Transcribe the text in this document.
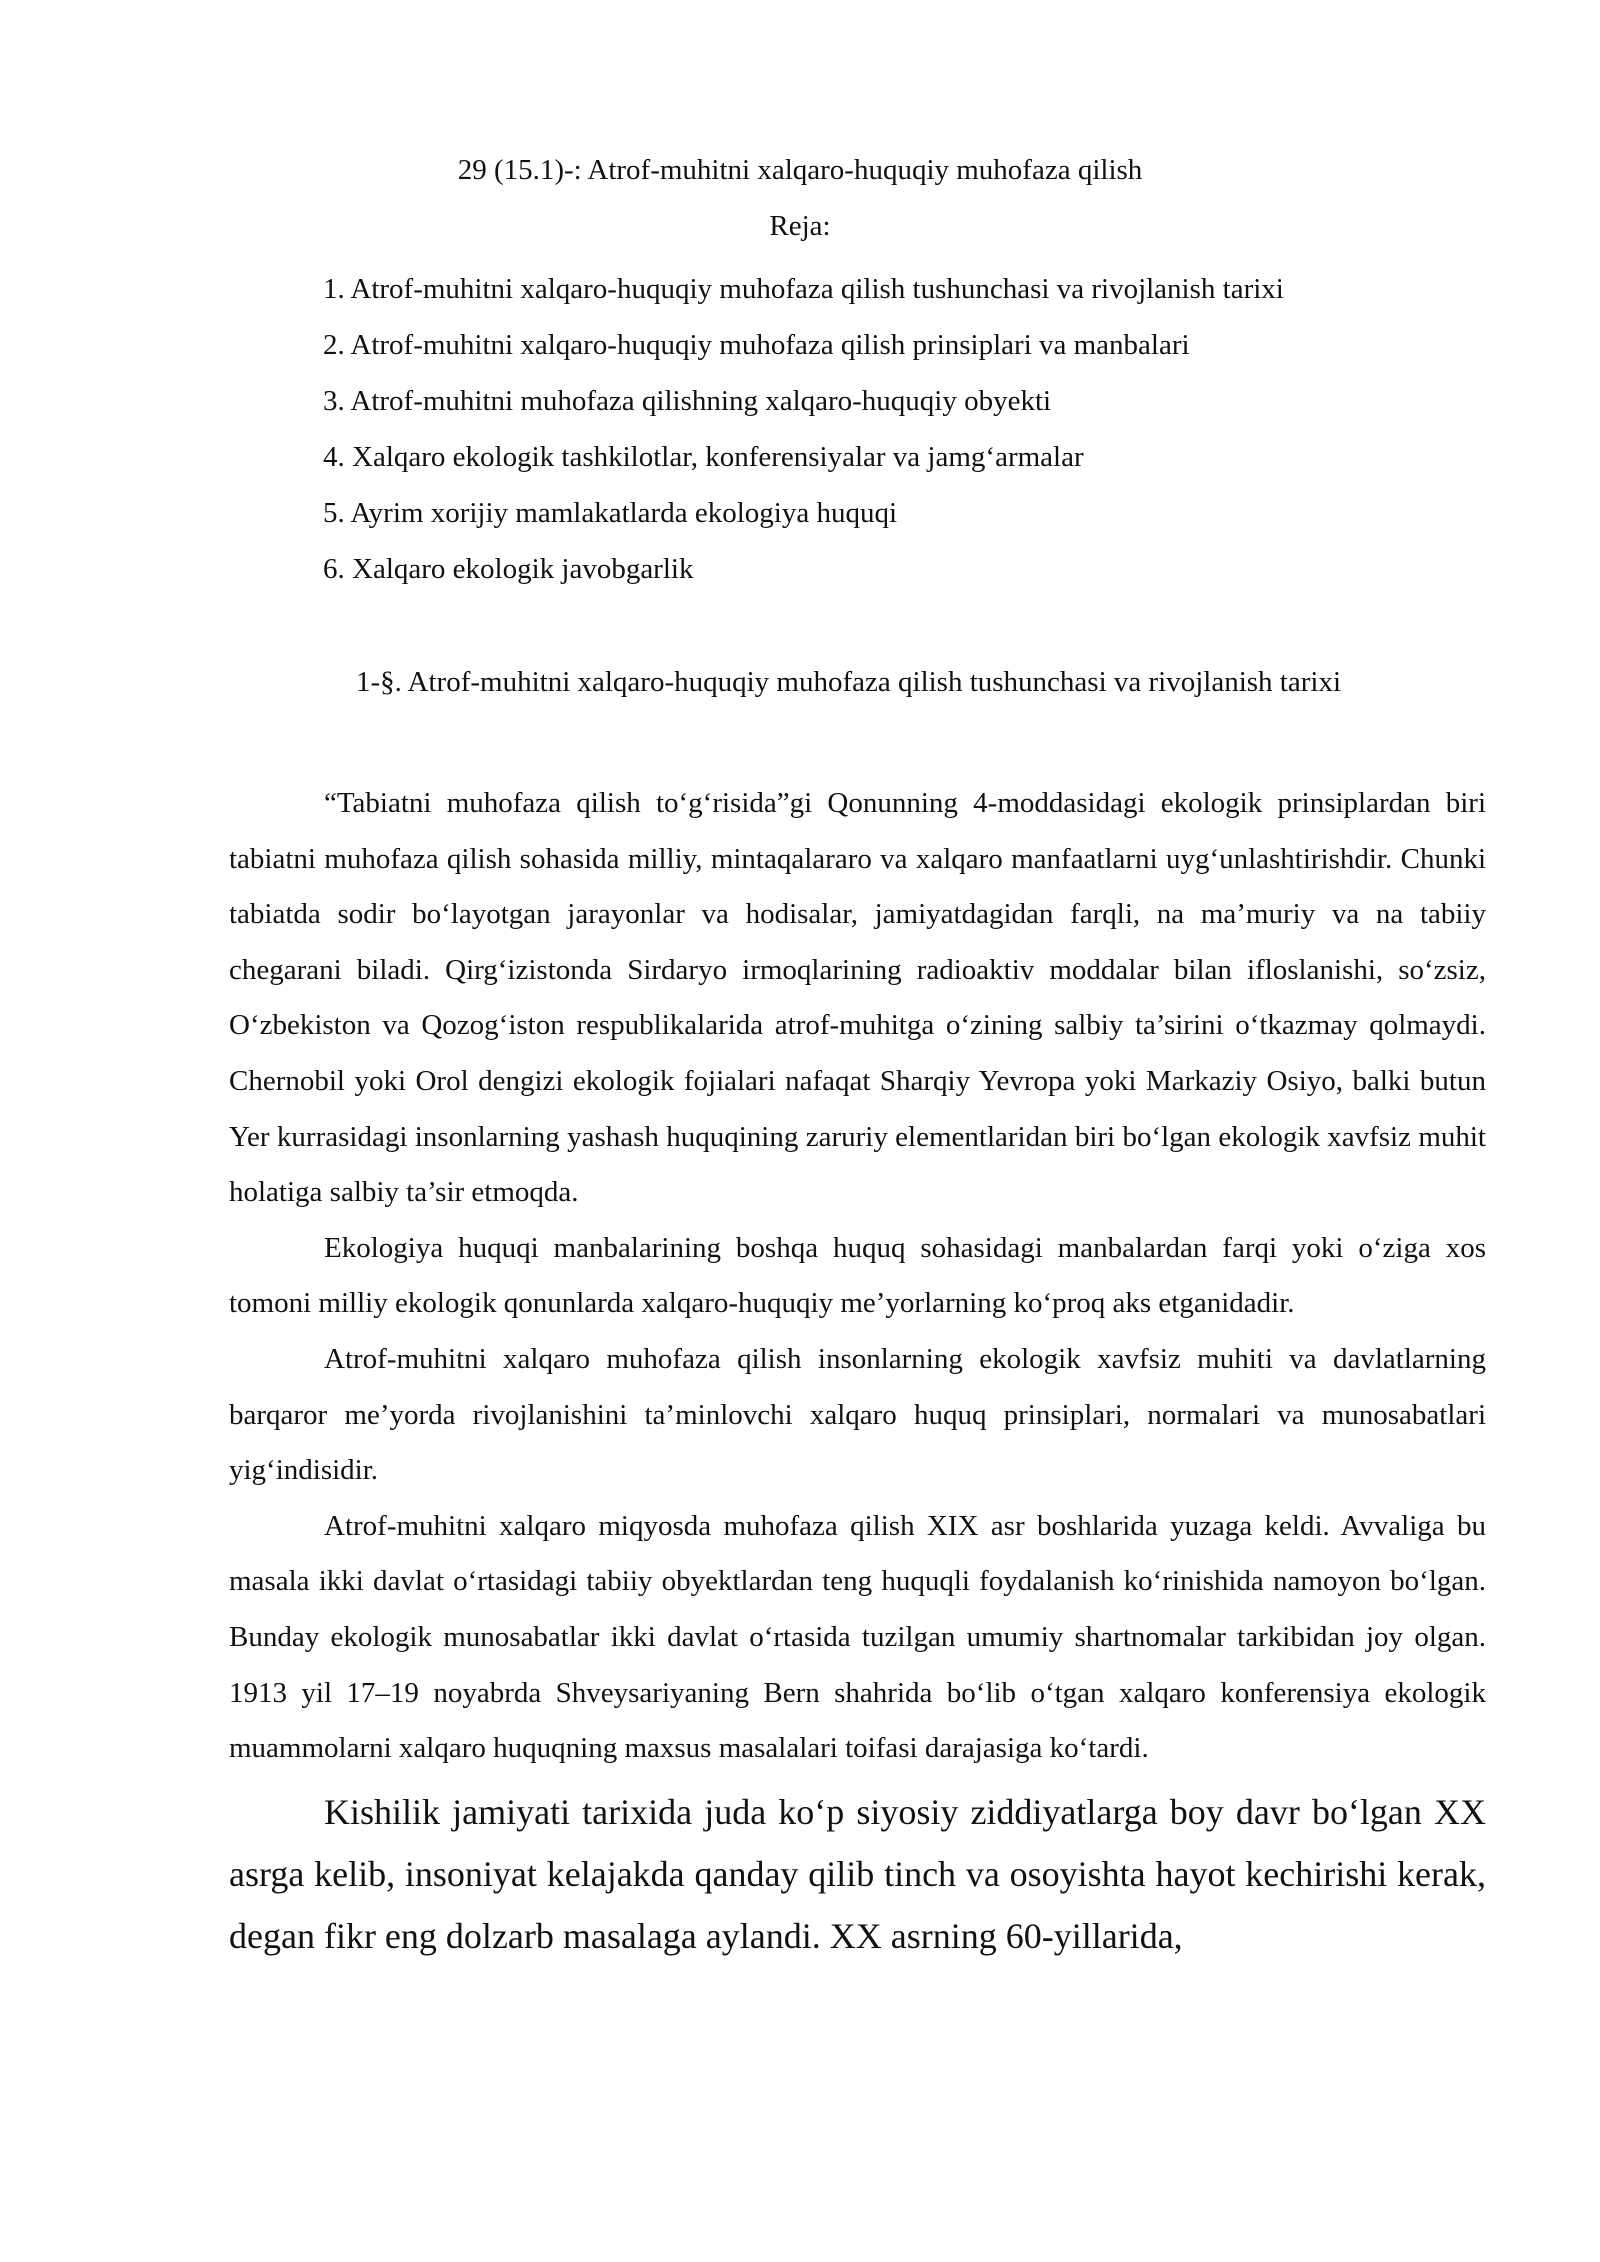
29 (15.1)-: Atrof-muhitni xalqaro-huquqiy muhofaza qilish
Reja:
1. Atrof-muhitni xalqaro-huquqiy muhofaza qilish tushunchasi va rivojlanish tarixi
2. Atrof-muhitni xalqaro-huquqiy muhofaza qilish prinsiplari va manbalari
3. Atrof-muhitni muhofaza qilishning xalqaro-huquqiy obyekti
4. Xalqaro ekologik tashkilotlar, konferensiyalar va jamg‘armalar
5. Ayrim xorijiy mamlakatlarda ekologiya huquqi
6. Xalqaro ekologik javobgarlik
1-§. Atrof-muhitni xalqaro-huquqiy muhofaza qilish tushunchasi va rivojlanish tarixi

“Tabiatni muhofaza qilish to‘g‘risida”gi Qonunning 4-moddasidagi ekologik prinsiplardan biri tabiatni muhofaza qilish sohasida milliy, mintaqalararo va xalqaro manfaatlarni uyg‘unlashtirishdir. Chunki tabiatda sodir bo‘layotgan jarayonlar va hodisalar, jamiyatdagidan farqli, na ma’muriy va na tabiiy chegarani biladi. Qirg‘izistonda Sirdaryo irmoqlarining radioaktiv moddalar bilan ifloslanishi, so‘zsiz, O‘zbekiston va Qozog‘iston respublikalarida atrof-muhitga o‘zining salbiy ta’sirini o‘tkazmay qolmaydi. Chernobil yoki Orol dengizi ekologik fojialari nafaqat Sharqiy Yevropa yoki Markaziy Osiyo, balki butun Yer kurrasidagi insonlarning yashash huquqining zaruriy elementlaridan biri bo‘lgan ekologik xavfsiz muhit holatiga salbiy ta’sir etmoqda.

Ekologiya huquqi manbalarining boshqa huquq sohasidagi manbalardan farqi yoki o‘ziga xos tomoni milliy ekologik qonunlarda xalqaro-huquqiy me’yorlarning ko‘proq aks etganidadir.

Atrof-muhitni xalqaro muhofaza qilish insonlarning ekologik xavfsiz muhiti va davlatlarning barqaror me’yorda rivojlanishini ta’minlovchi xalqaro huquq prinsiplari, normalari va munosabatlari yig‘indisidir.

Atrof-muhitni xalqaro miqyosda muhofaza qilish XIX asr boshlarida yuzaga keldi. Avvaliga bu masala ikki davlat o‘rtasidagi tabiiy obyektlardan teng huquqli foydalanish ko‘rinishida namoyon bo‘lgan. Bunday ekologik munosabatlar ikki davlat o‘rtasida tuzilgan umumiy shartnomalar tarkibidan joy olgan. 1913 yil 17–19 noyabrda Shveysariyaning Bern shahrida bo‘lib o‘tgan xalqaro konferensiya ekologik muammolarni xalqaro huquqning maxsus masalalari toifasi darajasiga ko‘tardi.

Kishilik jamiyati tarixida juda ko‘p siyosiy ziddiyatlarga boy davr bo‘lgan XX asrga kelib, insoniyat kelajakda qanday qilib tinch va osoyishta hayot kechirishi kerak, degan fikr eng dolzarb masalaga aylandi. XX asrning 60-yillarida,
